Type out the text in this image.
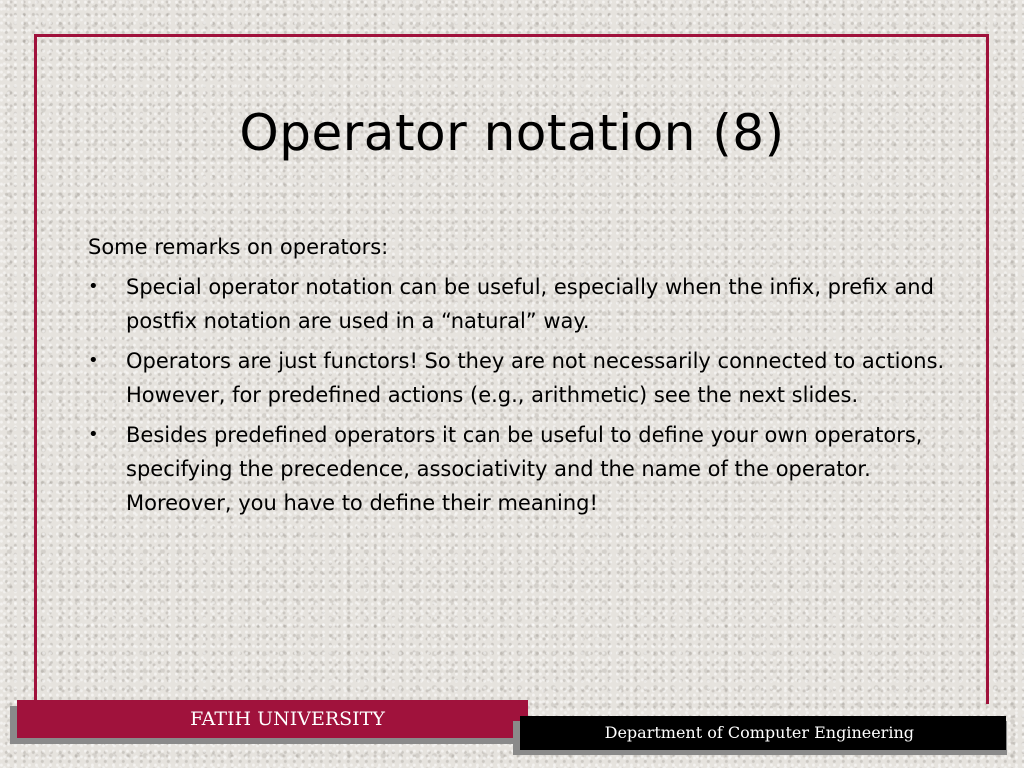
Operator notation (8)

Some remarks on operators:

• Special operator notation can be useful, especially when the infix, prefix and postfix notation are used in a “natural” way.
• Operators are just functors! So they are not necessarily connected to actions. However, for predefined actions (e.g., arithmetic) see the next slides.
• Besides predefined operators it can be useful to define your own operators, specifying the precedence, associativity and the name of the operator. Moreover, you have to define their meaning!
FATIH UNIVERSITY
Department of Computer Engineering
